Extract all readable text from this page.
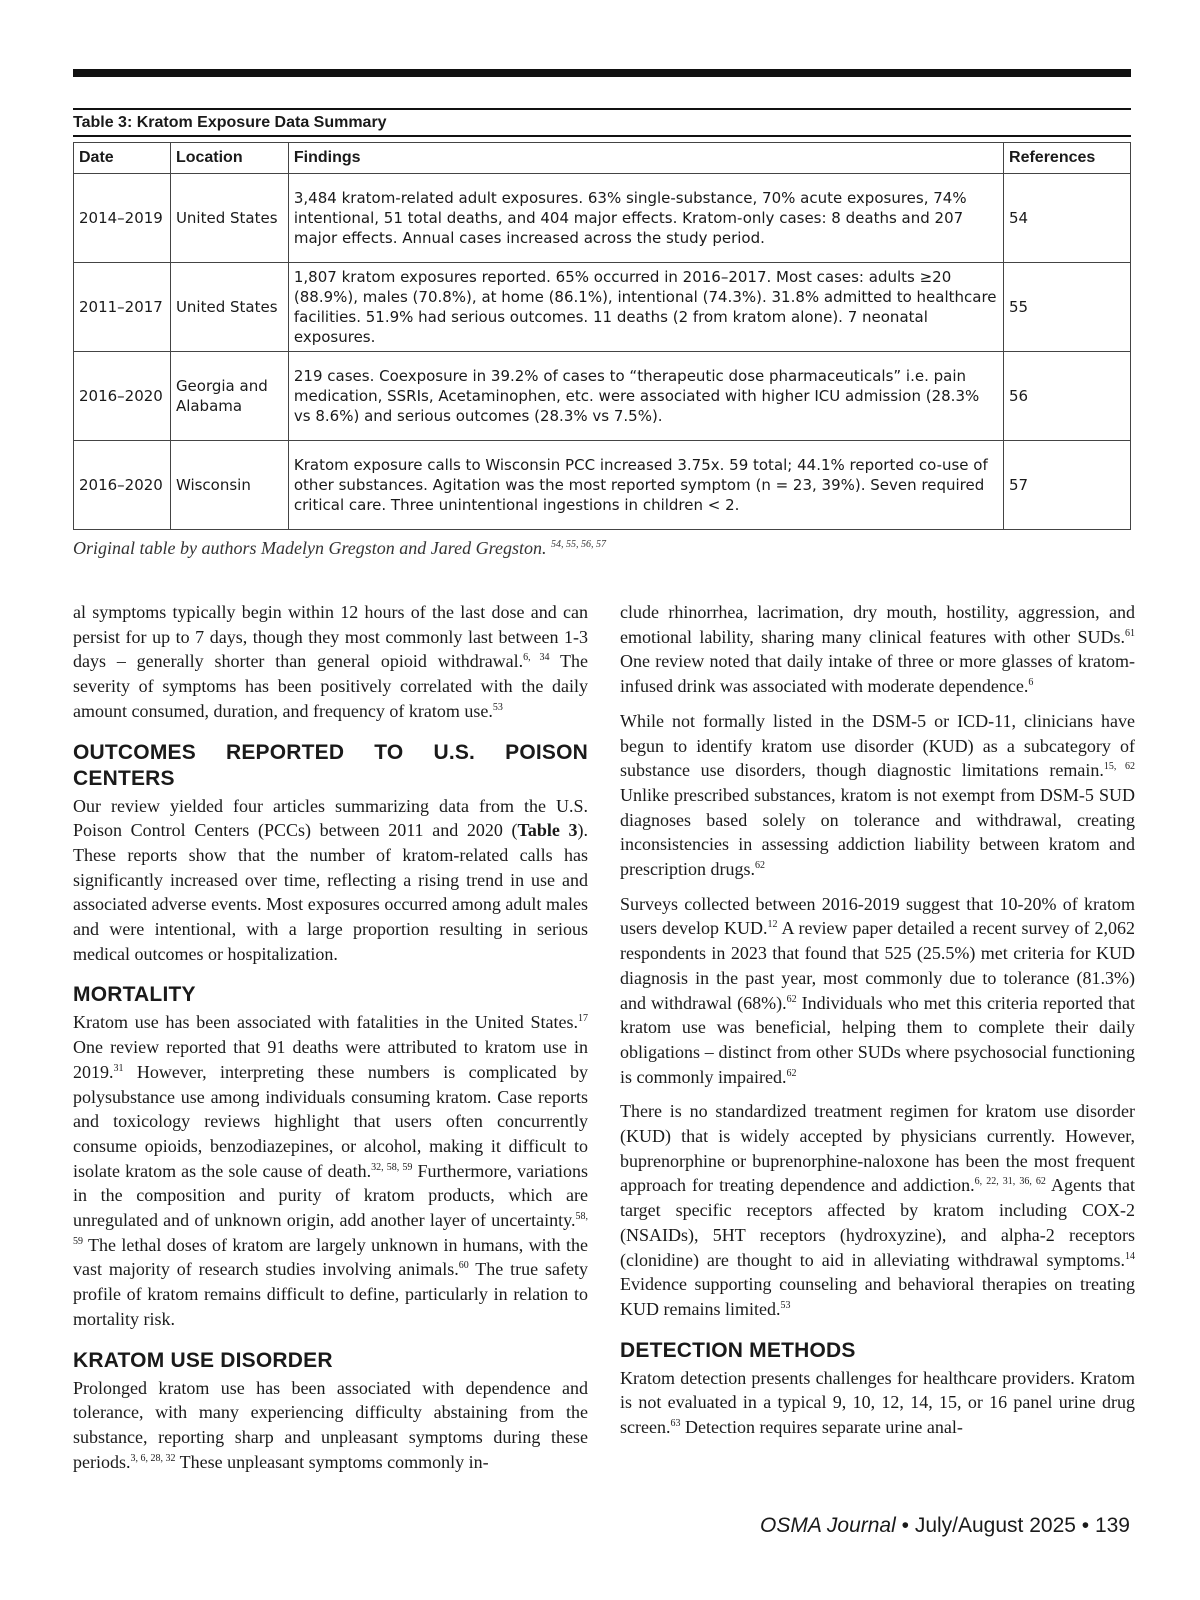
Table 3: Kratom Exposure Data Summary
Date	Location	Findings	References
2014–2019	United States	3,484 kratom-related adult exposures. 63% single-substance, 70% acute exposures, 74% intentional, 51 total deaths, and 404 major effects. Kratom-only cases: 8 deaths and 207 major effects. Annual cases increased across the study period.	54
2011–2017	United States	1,807 kratom exposures reported. 65% occurred in 2016–2017. Most cases: adults ≥20 (88.9%), males (70.8%), at home (86.1%), intentional (74.3%). 31.8% admitted to healthcare facilities. 51.9% had serious outcomes. 11 deaths (2 from kratom alone). 7 neonatal exposures.	55
2016–2020	Georgia and Alabama	219 cases. Coexposure in 39.2% of cases to “therapeutic dose pharmaceuticals” i.e. pain medication, SSRIs, Acetaminophen, etc. were associated with higher ICU admission (28.3% vs 8.6%) and serious outcomes (28.3% vs 7.5%).	56
2016–2020	Wisconsin	Kratom exposure calls to Wisconsin PCC increased 3.75x. 59 total; 44.1% reported co-use of other substances. Agitation was the most reported symptom (n = 23, 39%). Seven required critical care. Three unintentional ingestions in children < 2.	57
Original table by authors Madelyn Gregston and Jared Gregston. $^{54, 55, 56, 57}$

al symptoms typically begin within 12 hours of the last dose and can persist for up to 7 days, though they most commonly last between 1-3 days – generally shorter than general opioid withdrawal.$^{6, 34}$ The severity of symptoms has been positively correlated with the daily amount consumed, duration, and frequency of kratom use.$^{53}$

OUTCOMES REPORTED TO U.S. POISON CENTERS

Our review yielded four articles summarizing data from the U.S. Poison Control Centers (PCCs) between 2011 and 2020 (Table 3). These reports show that the number of kratom-related calls has significantly increased over time, reflecting a rising trend in use and associated adverse events. Most exposures occurred among adult males and were intentional, with a large proportion resulting in serious medical outcomes or hospitalization.

MORTALITY

Kratom use has been associated with fatalities in the United States.$^{17}$ One review reported that 91 deaths were attributed to kratom use in 2019.31 However, interpreting these numbers is complicated by polysubstance use among individuals consuming kratom. Case reports and toxicology reviews highlight that users often concurrently consume opioids, benzodiazepines, or alcohol, making it difficult to isolate kratom as the sole cause of death.$^{32, 58, 59}$ Furthermore, variations in the composition and purity of kratom products, which are unregulated and of unknown origin, add another layer of uncertainty.$^{58, 59}$ The lethal doses of kratom are largely unknown in humans, with the vast majority of research studies involving animals.$^{60}$ The true safety profile of kratom remains difficult to define, particularly in relation to mortality risk.

KRATOM USE DISORDER

Prolonged kratom use has been associated with dependence and tolerance, with many experiencing difficulty abstaining from the substance, reporting sharp and unpleasant symptoms during these periods.$^{3, 6, 28, 32}$ These unpleasant symptoms commonly in-

clude rhinorrhea, lacrimation, dry mouth, hostility, aggression, and emotional lability, sharing many clinical features with other SUDs.$^{61}$ One review noted that daily intake of three or more glasses of kratom-infused drink was associated with moderate dependence.$^6$

While not formally listed in the DSM-5 or ICD-11, clinicians have begun to identify kratom use disorder (KUD) as a subcategory of substance use disorders, though diagnostic limitations remain.$^{15, 62}$ Unlike prescribed substances, kratom is not exempt from DSM-5 SUD diagnoses based solely on tolerance and withdrawal, creating inconsistencies in assessing addiction liability between kratom and prescription drugs.$^{62}$

Surveys collected between 2016-2019 suggest that 10-20% of kratom users develop KUD.$^{12}$ A review paper detailed a recent survey of 2,062 respondents in 2023 that found that 525 (25.5%) met criteria for KUD diagnosis in the past year, most commonly due to tolerance (81.3%) and withdrawal (68%).$^{62}$ Individuals who met this criteria reported that kratom use was beneficial, helping them to complete their daily obligations – distinct from other SUDs where psychosocial functioning is commonly impaired.$^{62}$

There is no standardized treatment regimen for kratom use disorder (KUD) that is widely accepted by physicians currently. However, buprenorphine or buprenorphine-naloxone has been the most frequent approach for treating dependence and addiction.$^{6, 22, 31, 36, 62}$ Agents that target specific receptors affected by kratom including COX-2 (NSAIDs), 5HT receptors (hydroxyzine), and alpha-2 receptors (clonidine) are thought to aid in alleviating withdrawal symptoms.$^{14}$ Evidence supporting counseling and behavioral therapies on treating KUD remains limited.$^{53}$

DETECTION METHODS

Kratom detection presents challenges for healthcare providers. Kratom is not evaluated in a typical 9, 10, 12, 14, 15, or 16 panel urine drug screen.$^{63}$ Detection requires separate urine anal-

OSMA Journal • July/August 2025 • 139
